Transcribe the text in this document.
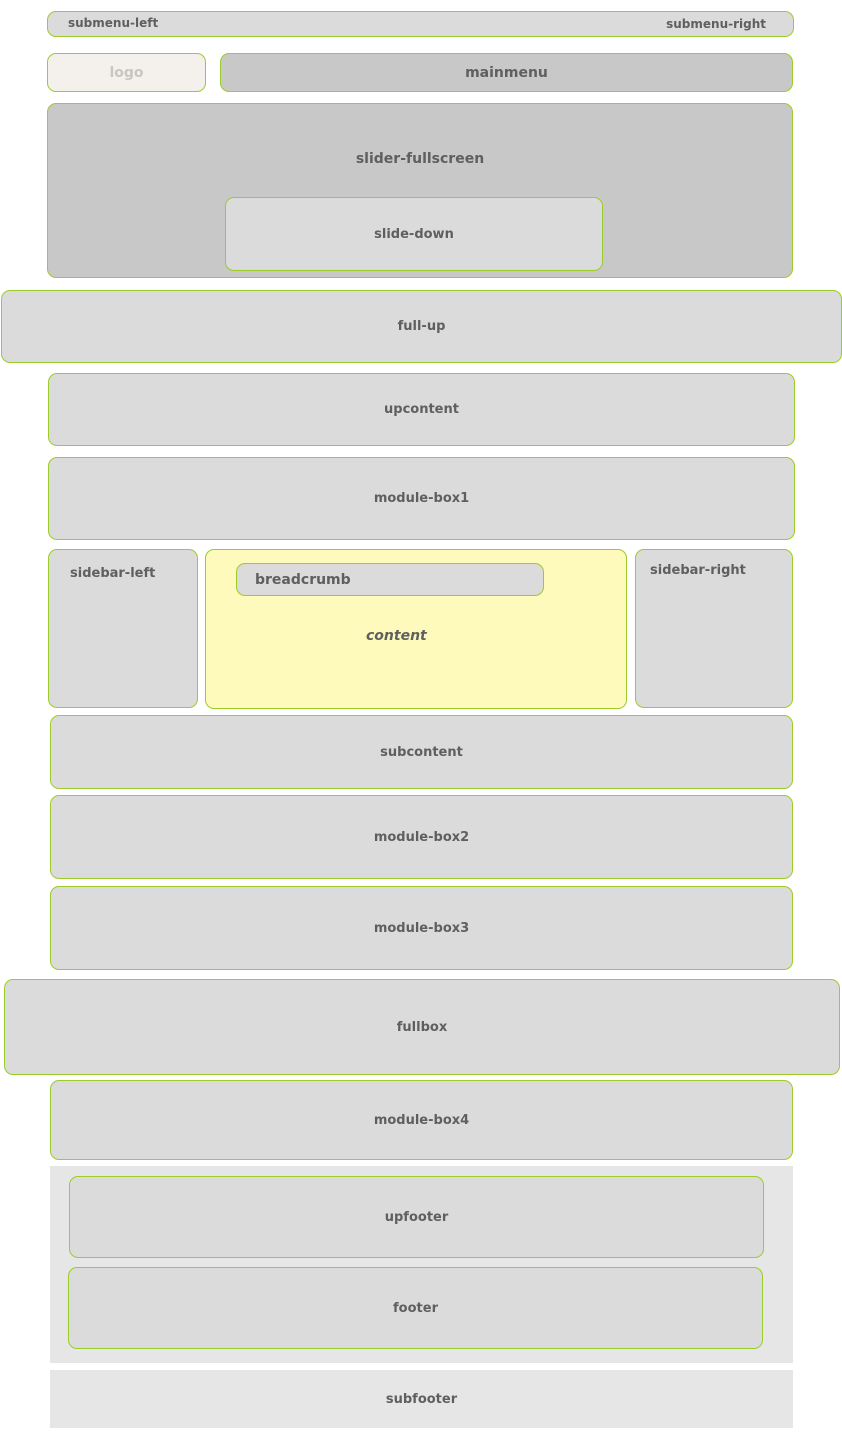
submenu-left	submenu-right
logo	mainmenu
slider-fullscreen
slide-down
full-up
upcontent
module-box1
sidebar-left	breadcrumb
content
sidebar-right
subcontent
module-box2
module-box3
fullbox
module-box4
upfooter
footer
subfooter
